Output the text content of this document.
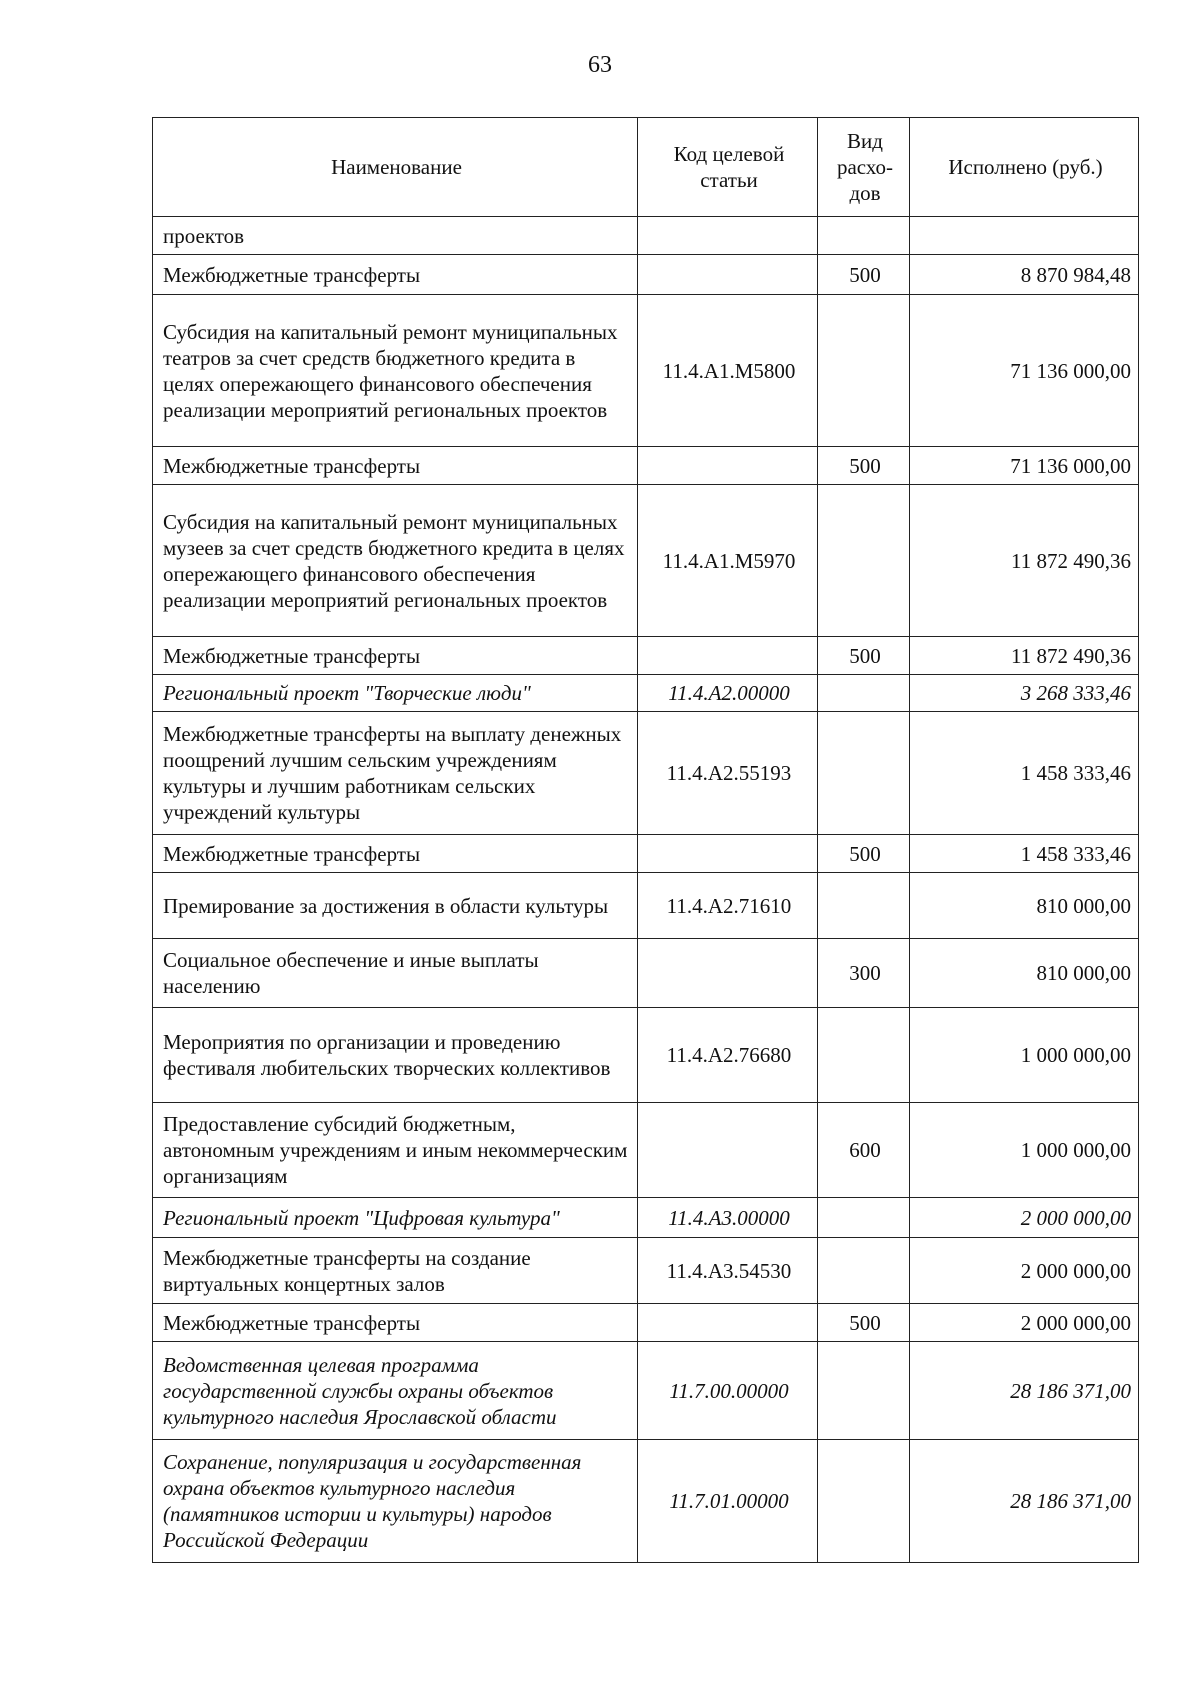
63
Наименование	Код целевой статьи	Вид расхо-дов	Исполнено (руб.)
проектов			
Межбюджетные трансферты		500	8 870 984,48
Субсидия на капитальный ремонт муниципальных театров за счет средств бюджетного кредита в целях опережающего финансового обеспечения реализации мероприятий региональных проектов	11.4.A1.M5800		71 136 000,00
Межбюджетные трансферты		500	71 136 000,00
Субсидия на капитальный ремонт муниципальных музеев за счет средств бюджетного кредита в целях опережающего финансового обеспечения реализации мероприятий региональных проектов	11.4.A1.M5970		11 872 490,36
Межбюджетные трансферты		500	11 872 490,36
Региональный проект "Творческие люди"	11.4.A2.00000		3 268 333,46
Межбюджетные трансферты на выплату денежных поощрений лучшим сельским учреждениям культуры и лучшим работникам сельских учреждений культуры	11.4.A2.55193		1 458 333,46
Межбюджетные трансферты		500	1 458 333,46
Премирование за достижения в области культуры	11.4.A2.71610		810 000,00
Социальное обеспечение и иные выплаты населению		300	810 000,00
Мероприятия по организации и проведению фестиваля любительских творческих коллективов	11.4.A2.76680		1 000 000,00
Предоставление субсидий бюджетным, автономным учреждениям и иным некоммерческим организациям		600	1 000 000,00
Региональный проект "Цифровая культура"	11.4.A3.00000		2 000 000,00
Межбюджетные трансферты на создание виртуальных концертных залов	11.4.A3.54530		2 000 000,00
Межбюджетные трансферты		500	2 000 000,00
Ведомственная целевая программа государственной службы охраны объектов культурного наследия Ярославской области	11.7.00.00000		28 186 371,00
Сохранение, популяризация и государственная охрана объектов культурного наследия (памятников истории и культуры) народов Российской Федерации	11.7.01.00000		28 186 371,00
